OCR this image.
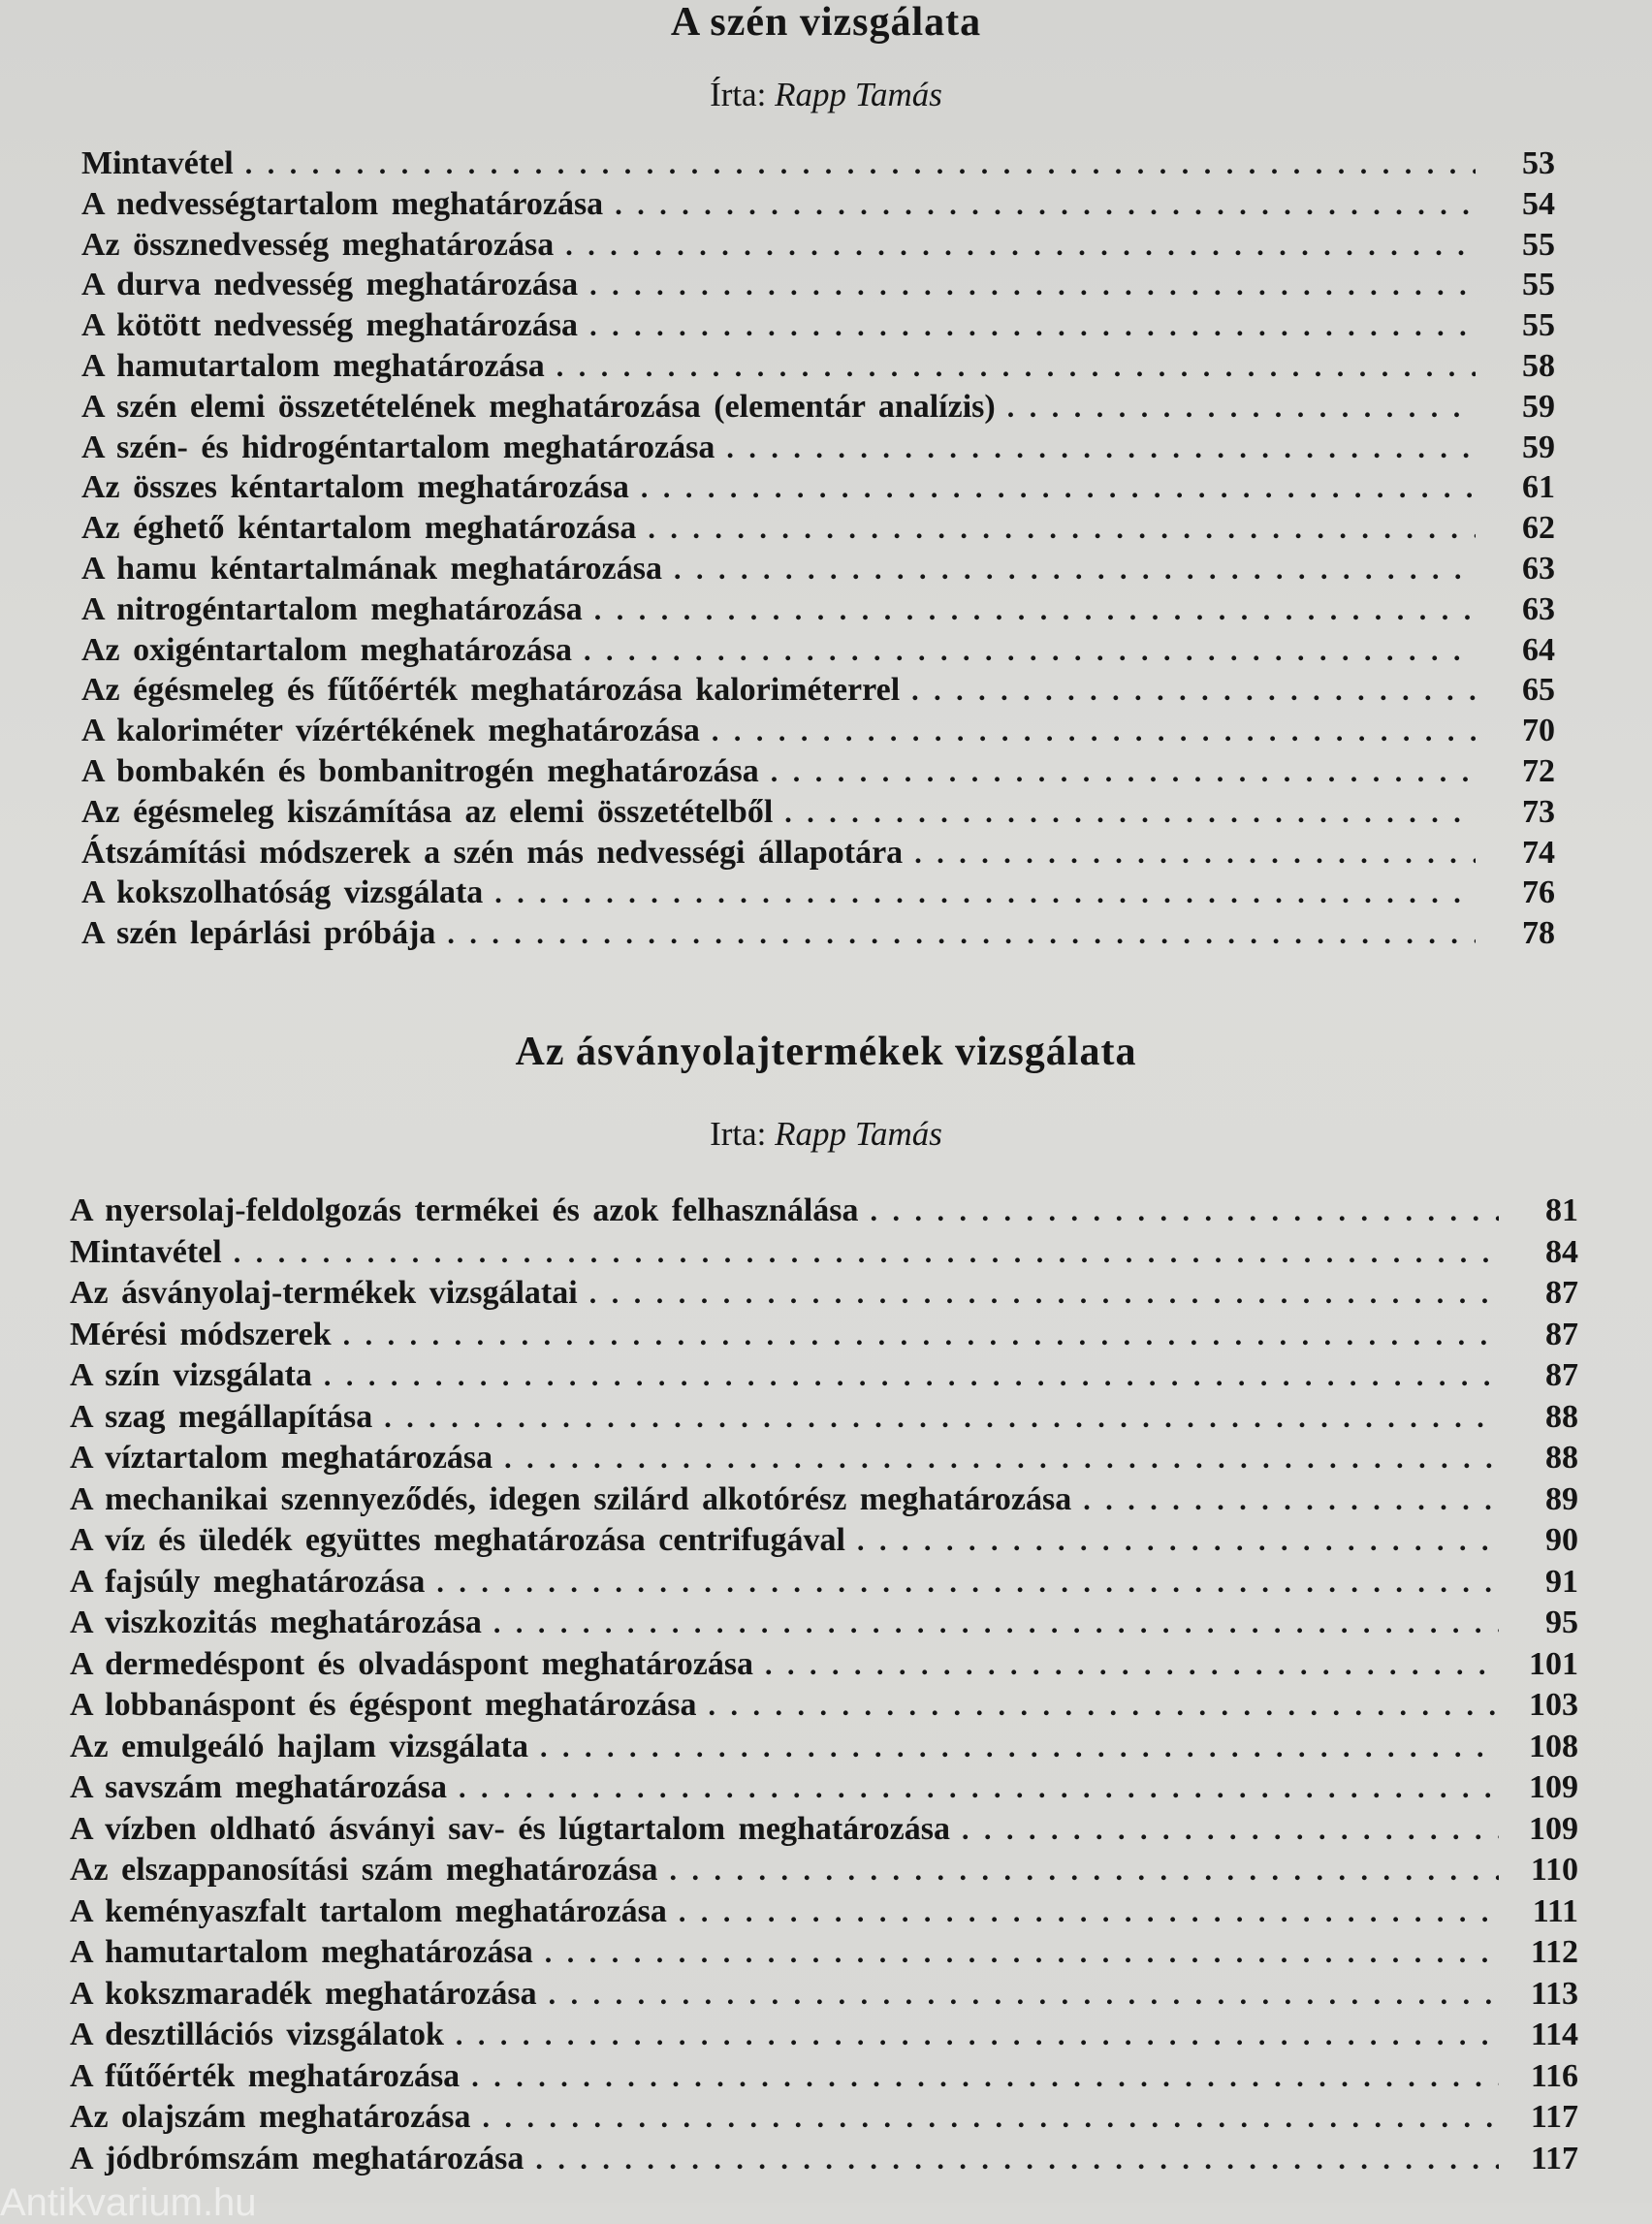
A szén vizsgálata
Írta: Rapp Tamás
Mintavétel . . .	53
A nedvességtartalom meghatározása . . .	54
Az össznedvesség meghatározása . . .	55
A durva nedvesség meghatározása . . .	55
A kötött nedvesség meghatározása . . .	55
A hamutartalom meghatározása . . .	58
A szén elemi összetételének meghatározása (elementár analízis) . . .	59
A szén- és hidrogéntartalom meghatározása . . .	59
Az összes kéntartalom meghatározása . . .	61
Az éghető kéntartalom meghatározása . . .	62
A hamu kéntartalmának meghatározása . . .	63
A nitrogéntartalom meghatározása . . .	63
Az oxigéntartalom meghatározása . . .	64
Az égésmeleg és fűtőérték meghatározása kaloriméterrel . . .	65
A kaloriméter vízértékének meghatározása . . .	70
A bombakén és bombanitrogén meghatározása . . .	72
Az égésmeleg kiszámítása az elemi összetételből . . .	73
Átszámítási módszerek a szén más nedvességi állapotára . . .	74
A kokszolhatóság vizsgálata . . .	76
A szén lepárlási próbája . . .	78
Az ásványolajtermékek vizsgálata
Irta: Rapp Tamás
A nyersolaj-feldolgozás termékei és azok felhasználása . . .	81
Mintavétel . . .	84
Az ásványolaj-termékek vizsgálatai . . .	87
Mérési módszerek . . .	87
A szín vizsgálata . . .	87
A szag megállapítása . . .	88
A víztartalom meghatározása . . .	88
A mechanikai szennyeződés, idegen szilárd alkotórész meghatározása . . .	89
A víz és üledék együttes meghatározása centrifugával . . .	90
A fajsúly meghatározása . . .	91
A viszkozitás meghatározása . . .	95
A dermedéspont és olvadáspont meghatározása . . .	101
A lobbanáspont és égéspont meghatározása . . .	103
Az emulgeáló hajlam vizsgálata . . .	108
A savszám meghatározása . . .	109
A vízben oldható ásványi sav- és lúgtartalom meghatározása . . .	109
Az elszappanosítási szám meghatározása . . .	110
A keményaszfalt tartalom meghatározása . . .	111
A hamutartalom meghatározása . . .	112
A kokszmaradék meghatározása . . .	113
A desztillációs vizsgálatok . . .	114
A fűtőérték meghatározása . . .	116
Az olajszám meghatározása . . .	117
A jódbrómszám meghatározása . . .	117
Antikvarium.hu
